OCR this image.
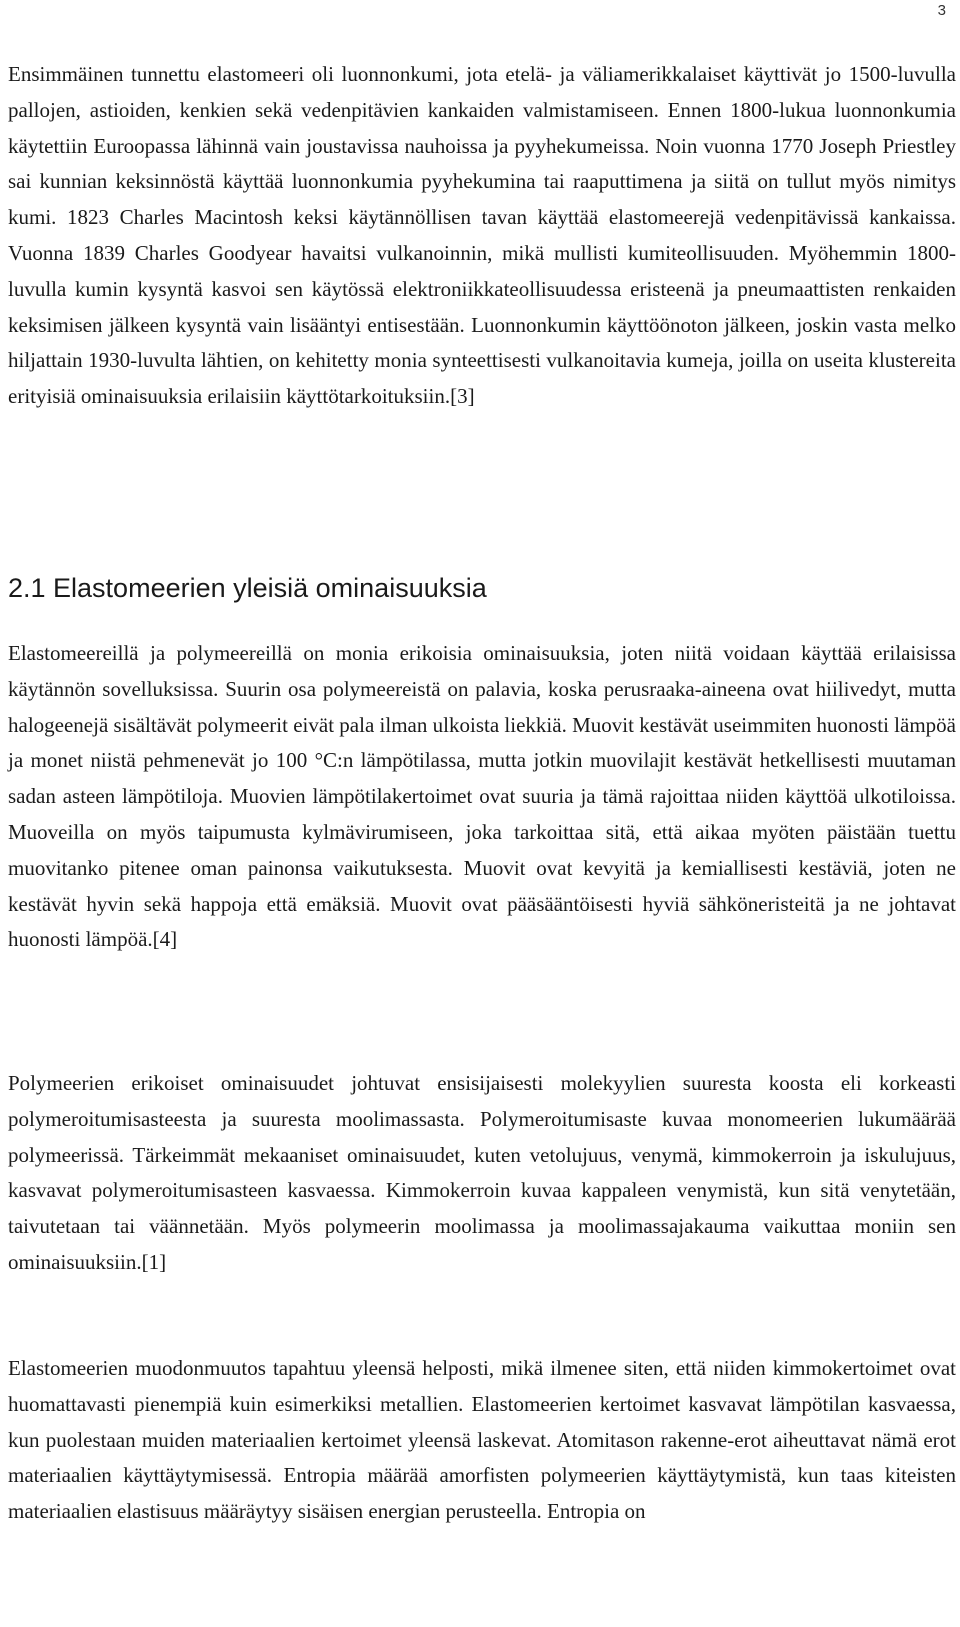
3

Ensimmäinen tunnettu elastomeeri oli luonnonkumi, jota etelä- ja väliamerikkalaiset käyttivät jo 1500-luvulla pallojen, astioiden, kenkien sekä vedenpitävien kankaiden valmistamiseen. Ennen 1800-lukua luonnonkumia käytettiin Euroopassa lähinnä vain joustavissa nauhoissa ja pyyhekumeissa. Noin vuonna 1770 Joseph Priestley sai kunnian keksinnöstä käyttää luonnonkumia pyyhekumina tai raaputtimena ja siitä on tullut myös nimitys kumi. 1823 Charles Macintosh keksi käytännöllisen tavan käyttää elastomeerejä vedenpitävissä kankaissa. Vuonna 1839 Charles Goodyear havaitsi vulkanoinnin, mikä mullisti kumiteollisuuden. Myöhemmin 1800-luvulla kumin kysyntä kasvoi sen käytössä elektroniikkateollisuudessa eristeenä ja pneumaattisten renkaiden keksimisen jälkeen kysyntä vain lisääntyi entisestään. Luonnonkumin käyttöönoton jälkeen, joskin vasta melko hiljattain 1930-luvulta lähtien, on kehitetty monia synteettisesti vulkanoitavia kumeja, joilla on useita klustereita erityisiä ominaisuuksia erilaisiin käyttötarkoituksiin.[3]

2.1 Elastomeerien yleisiä ominaisuuksia

Elastomeereillä ja polymeereillä on monia erikoisia ominaisuuksia, joten niitä voidaan käyttää erilaisissa käytännön sovelluksissa. Suurin osa polymeereistä on palavia, koska perusraaka-aineena ovat hiilivedyt, mutta halogeenejä sisältävät polymeerit eivät pala ilman ulkoista liekkiä. Muovit kestävät useimmiten huonosti lämpöä ja monet niistä pehmenevät jo 100 °C:n lämpötilassa, mutta jotkin muovilajit kestävät hetkellisesti muutaman sadan asteen lämpötiloja. Muovien lämpötilakertoimet ovat suuria ja tämä rajoittaa niiden käyttöä ulkotiloissa. Muoveilla on myös taipumusta kylmävirumiseen, joka tarkoittaa sitä, että aikaa myöten päistään tuettu muovitanko pitenee oman painonsa vaikutuksesta. Muovit ovat kevyitä ja kemiallisesti kestäviä, joten ne kestävät hyvin sekä happoja että emäksiä. Muovit ovat pääsääntöisesti hyviä sähköneristeitä ja ne johtavat huonosti lämpöä.[4]

Polymeerien erikoiset ominaisuudet johtuvat ensisijaisesti molekyylien suuresta koosta eli korkeasti polymeroitumisasteesta ja suuresta moolimassasta. Polymeroitumisaste kuvaa monomeerien lukumäärää polymeerissä. Tärkeimmät mekaaniset ominaisuudet, kuten vetolujuus, venymä, kimmokerroin ja iskulujuus, kasvavat polymeroitumisasteen kasvaessa. Kimmokerroin kuvaa kappaleen venymistä, kun sitä venytetään, taivutetaan tai väännetään. Myös polymeerin moolimassa ja moolimassajakauma vaikuttaa moniin sen ominaisuuksiin.[1]

Elastomeerien muodonmuutos tapahtuu yleensä helposti, mikä ilmenee siten, että niiden kimmokertoimet ovat huomattavasti pienempiä kuin esimerkiksi metallien. Elastomeerien kertoimet kasvavat lämpötilan kasvaessa, kun puolestaan muiden materiaalien kertoimet yleensä laskevat. Atomitason rakenne-erot aiheuttavat nämä erot materiaalien käyttäytymisessä. Entropia määrää amorfisten polymeerien käyttäytymistä, kun taas kiteisten materiaalien elastisuus määräytyy sisäisen energian perusteella. Entropia on
